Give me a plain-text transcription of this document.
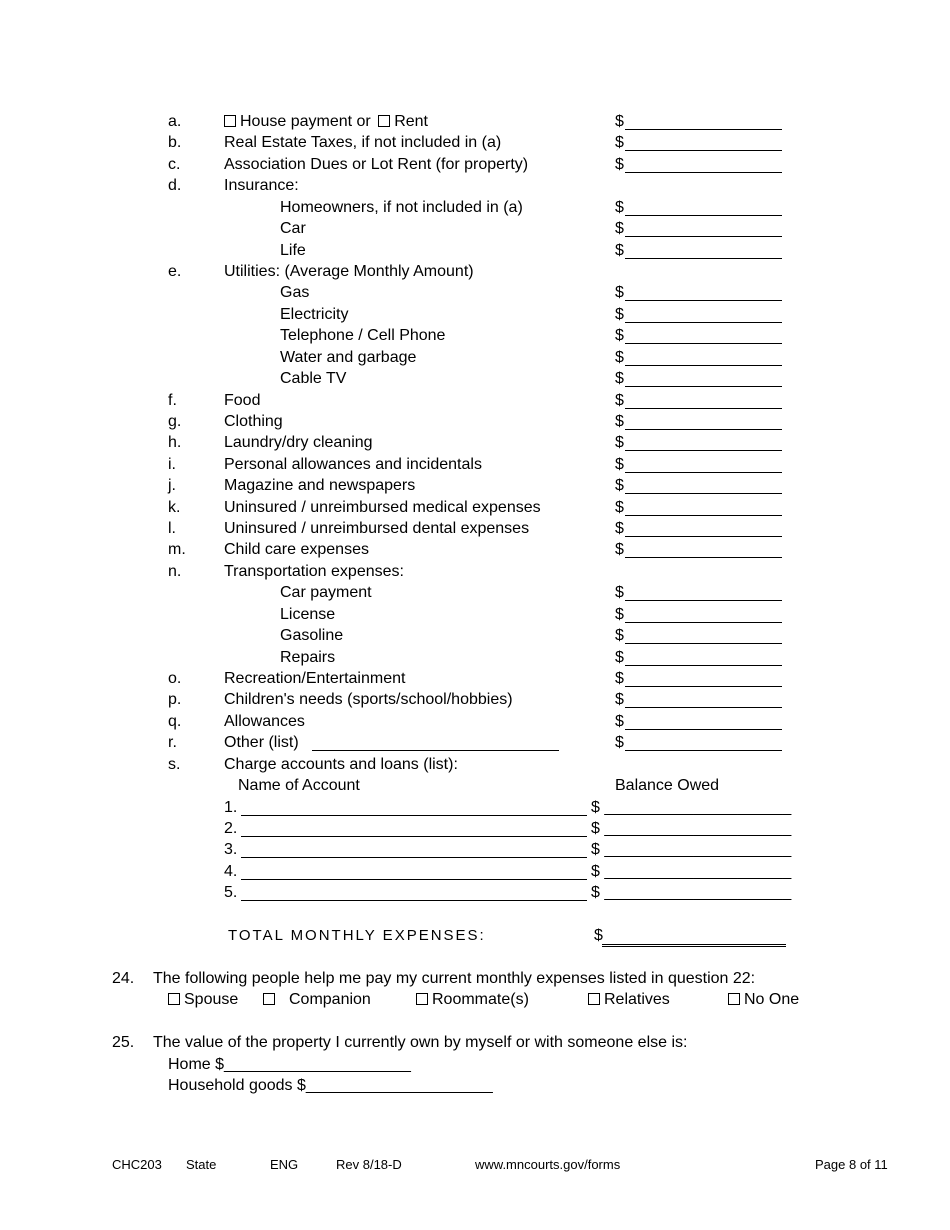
a.	House payment or Rent	$
b.	Real Estate Taxes, if not included in (a)	$
c.	Association Dues or Lot Rent (for property)	$
d.	Insurance:
Homeowners, if not included in (a)	$
Car	$
Life	$
e.	Utilities: (Average Monthly Amount)
Gas	$
Electricity	$
Telephone / Cell Phone	$
Water and garbage	$
Cable TV	$
f.	Food	$
g.	Clothing	$
h.	Laundry/dry cleaning	$
i.	Personal allowances and incidentals	$
j.	Magazine and newspapers	$
k.	Uninsured / unreimbursed medical expenses	$
l.	Uninsured / unreimbursed dental expenses	$
m. Child care expenses	$
n.	Transportation expenses:
Car payment	$
License	$
Gasoline	$
Repairs	$
o.	Recreation/Entertainment	$
p.	Children's needs (sports/school/hobbies)	$
q.	Allowances	$
r.	Other (list)	$
s.	Charge accounts and loans (list):
Name of Account	Balance Owed
1.	$ _____________________
2.	$ _____________________
3.	$ _____________________
4.	$ _____________________
5.	$ _____________________
TOTAL MONTHLY EXPENSES:	$
24. The following people help me pay my current monthly expenses listed in question 22:
Spouse	Companion	Roommate(s)	Relatives	No One
25. The value of the property I currently own by myself or with someone else is:
Home $_____________________
Household goods $_____________________
CHC203 State	ENG	Rev 8/18-D	www.mncourts.gov/forms	Page 8 of 11
